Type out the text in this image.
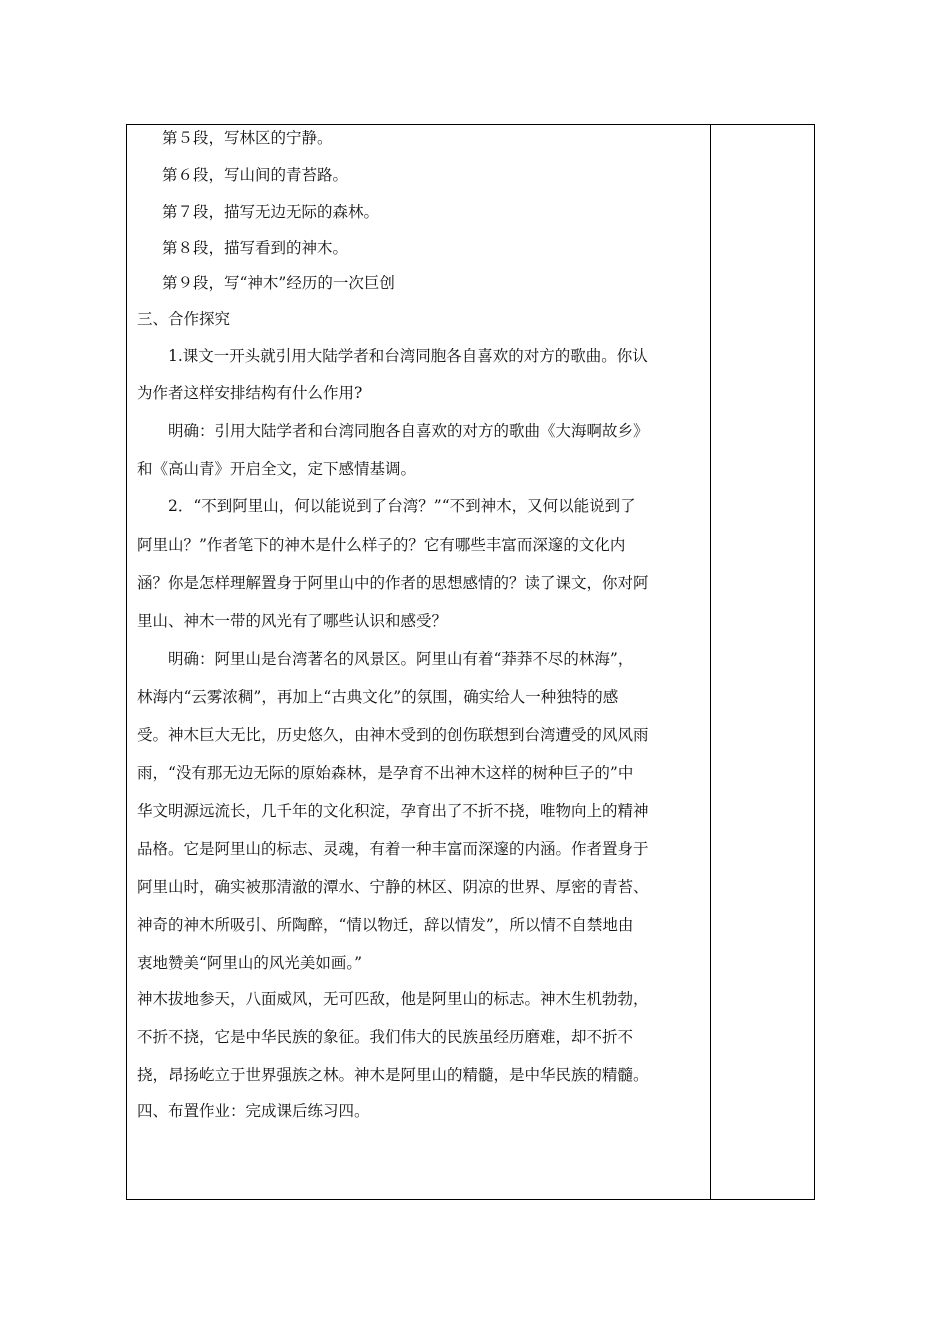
第５段，写林区的宁静。
第６段，写山间的青苔路。
第７段，描写无边无际的森林。
第８段，描写看到的神木。
第９段，写“神木”经历的一次巨创
三、合作探究
1.课文一开头就引用大陆学者和台湾同胞各自喜欢的对方的歌曲。你认
为作者这样安排结构有什么作用?
明确：引用大陆学者和台湾同胞各自喜欢的对方的歌曲《大海啊故乡》
和《高山青》开启全文，定下感情基调。
2．“不到阿里山，何以能说到了台湾？”“不到神木，又何以能说到了
阿里山？”作者笔下的神木是什么样子的？它有哪些丰富而深邃的文化内
涵？你是怎样理解置身于阿里山中的作者的思想感情的？读了课文，你对阿
里山、神木一带的风光有了哪些认识和感受？
明确：阿里山是台湾著名的风景区。阿里山有着“莽莽不尽的林海”，
林海内“云雾浓稠”，再加上“古典文化”的氛围，确实给人一种独特的感
受。神木巨大无比，历史悠久，由神木受到的创伤联想到台湾遭受的风风雨
雨，“没有那无边无际的原始森林，是孕育不出神木这样的树种巨子的”中
华文明源远流长，几千年的文化积淀，孕育出了不折不挠，唯物向上的精神
品格。它是阿里山的标志、灵魂，有着一种丰富而深邃的内涵。作者置身于
阿里山时，确实被那清澈的潭水、宁静的林区、阴凉的世界、厚密的青苔、
神奇的神木所吸引、所陶醉，“情以物迁，辞以情发”，所以情不自禁地由
衷地赞美“阿里山的风光美如画。”
神木拔地参天，八面威风，无可匹敌，他是阿里山的标志。神木生机勃勃，
不折不挠，它是中华民族的象征。我们伟大的民族虽经历磨难，却不折不
挠，昂扬屹立于世界强族之林。神木是阿里山的精髓，是中华民族的精髓。
四、布置作业：完成课后练习四。
